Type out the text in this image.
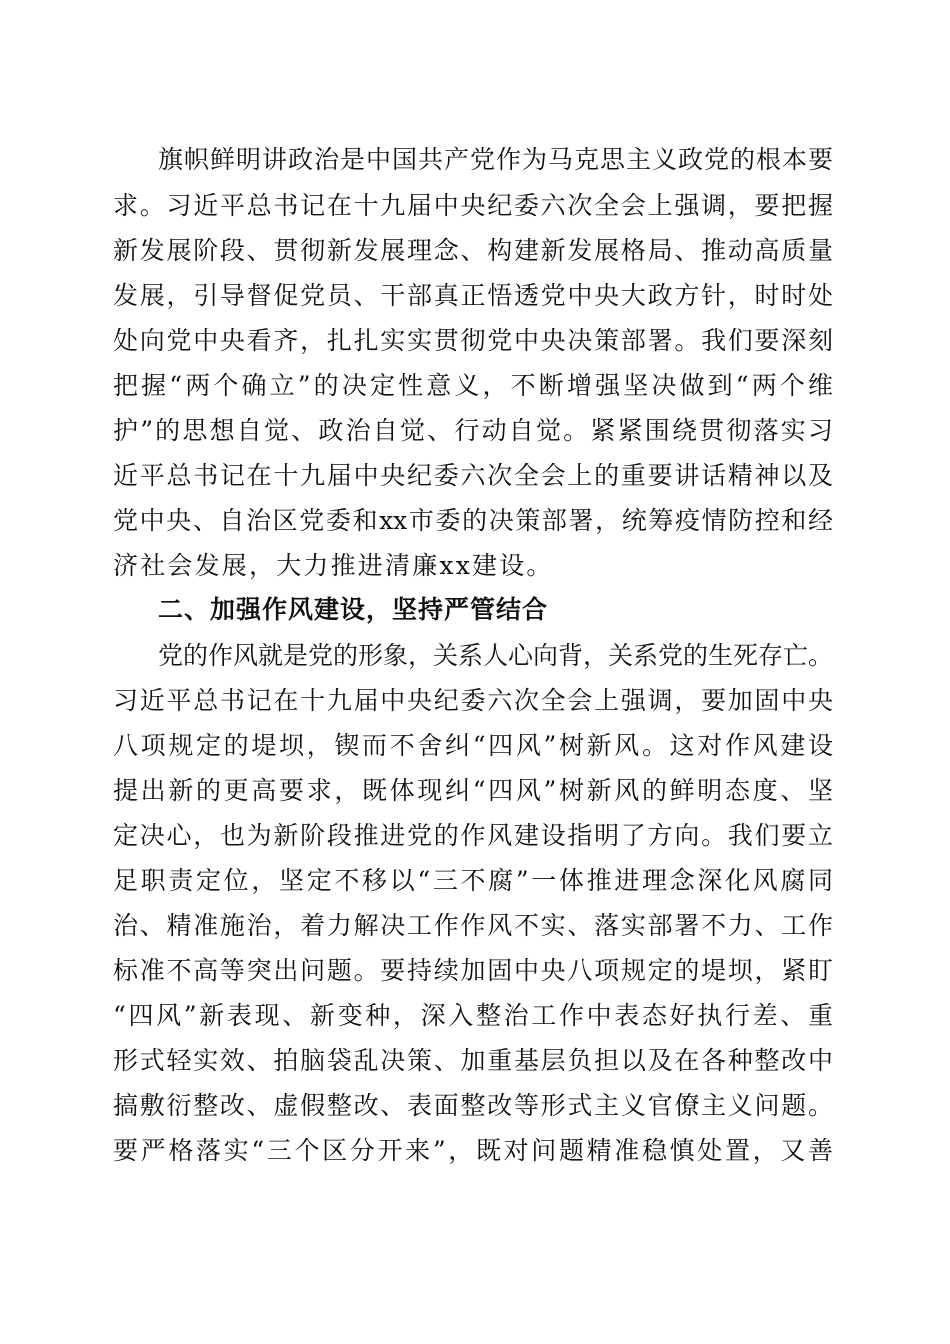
旗帜鲜明讲政治是中国共产党作为马克思主义政党的根本要
求。习近平总书记在十九届中央纪委六次全会上强调，要把握
新发展阶段、贯彻新发展理念、构建新发展格局、推动高质量
发展，引导督促党员、干部真正悟透党中央大政方针，时时处
处向党中央看齐，扎扎实实贯彻党中央决策部署。我们要深刻
把握“两个确立”的决定性意义，不断增强坚决做到“两个维
护”的思想自觉、政治自觉、行动自觉。紧紧围绕贯彻落实习
近平总书记在十九届中央纪委六次全会上的重要讲话精神以及
党中央、自治区党委和xx市委的决策部署，统筹疫情防控和经
济社会发展，大力推进清廉xx建设。
二、加强作风建设，坚持严管结合
党的作风就是党的形象，关系人心向背，关系党的生死存亡。
习近平总书记在十九届中央纪委六次全会上强调，要加固中央
八项规定的堤坝，锲而不舍纠“四风”树新风。这对作风建设
提出新的更高要求，既体现纠“四风”树新风的鲜明态度、坚
定决心，也为新阶段推进党的作风建设指明了方向。我们要立
足职责定位，坚定不移以“三不腐”一体推进理念深化风腐同
治、精准施治，着力解决工作作风不实、落实部署不力、工作
标准不高等突出问题。要持续加固中央八项规定的堤坝，紧盯
“四风”新表现、新变种，深入整治工作中表态好执行差、重
形式轻实效、拍脑袋乱决策、加重基层负担以及在各种整改中
搞敷衍整改、虚假整改、表面整改等形式主义官僚主义问题。
要严格落实“三个区分开来”，既对问题精准稳慎处置，又善
